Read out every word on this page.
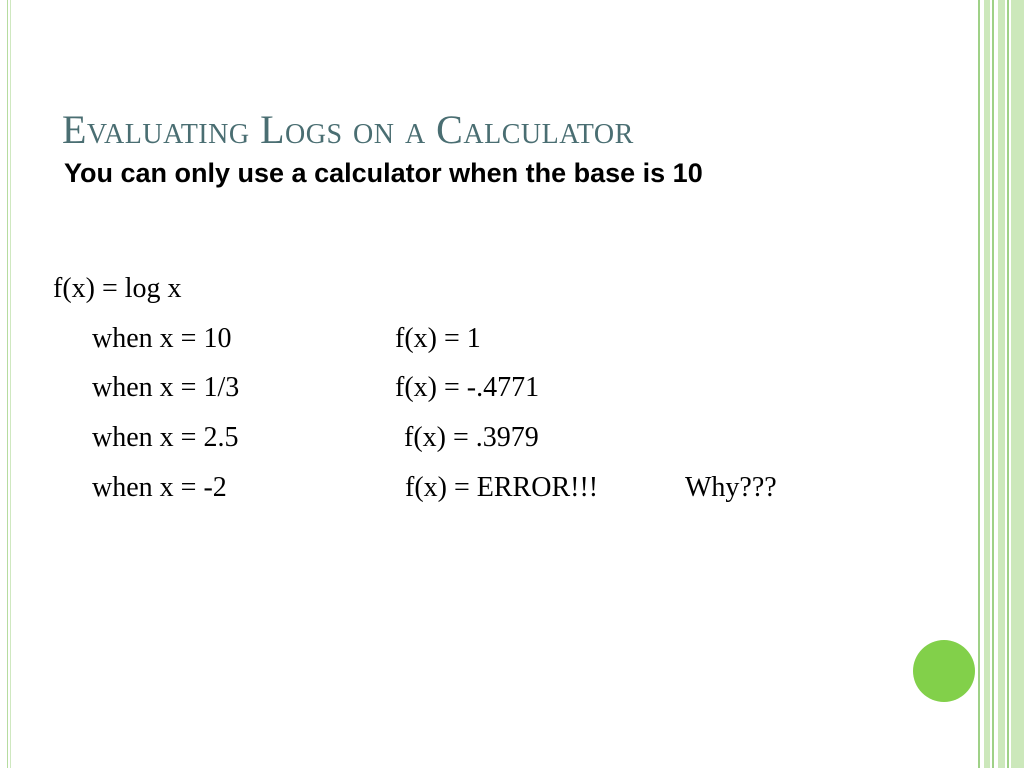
Evaluating Logs on a Calculator
You can only use a calculator when the base is 10
f(x) = log x
when x = 10	f(x) = 1
when x = 1/3	f(x) = -.4771
when x = 2.5	f(x) = .3979
when x = -2	f(x) = ERROR!!!	Why???
